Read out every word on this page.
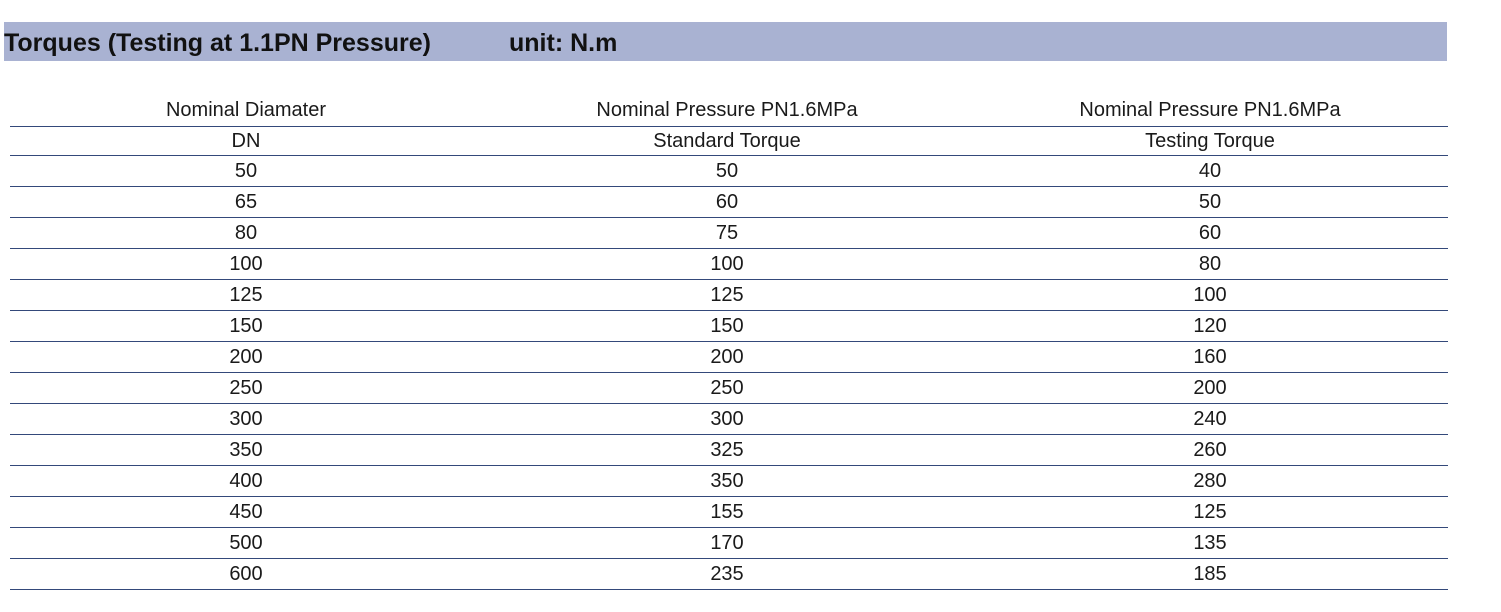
Torques (Testing at 1.1PN Pressure)	unit: N.m
Nominal Diamater	Nominal Pressure PN1.6MPa	Nominal Pressure PN1.6MPa
DN	Standard Torque	Testing Torque
50	50	40
65	60	50
80	75	60
100	100	80
125	125	100
150	150	120
200	200	160
250	250	200
300	300	240
350	325	260
400	350	280
450	155	125
500	170	135
600	235	185
